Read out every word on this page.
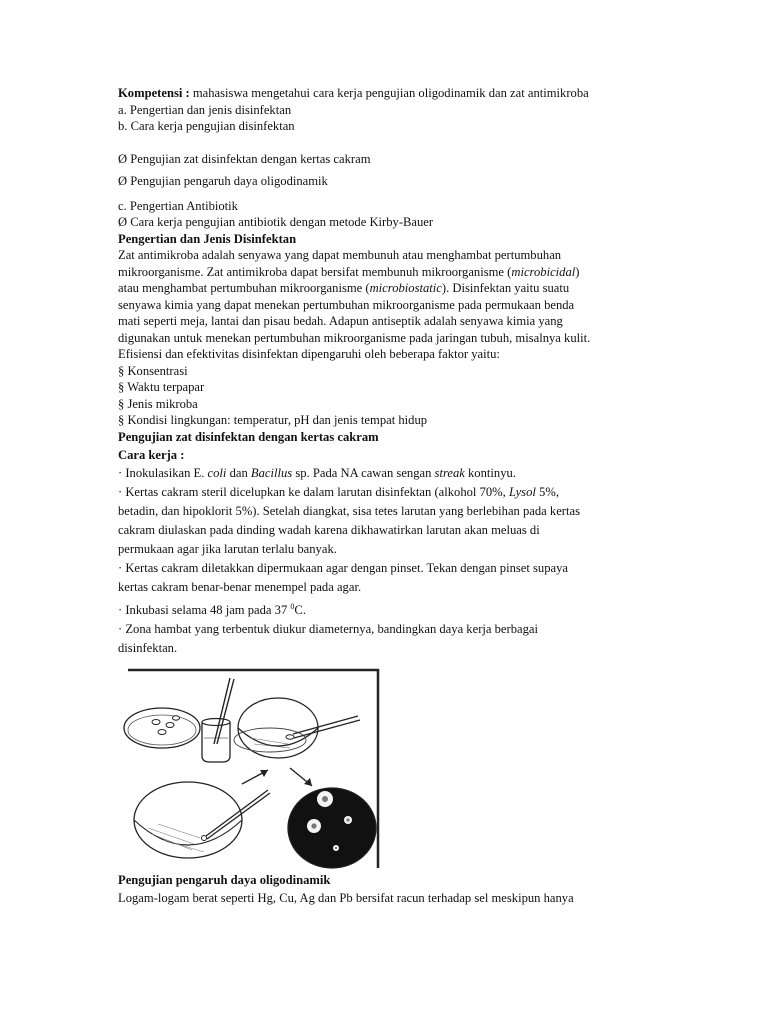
Kompetensi : mahasiswa mengetahui cara kerja pengujian oligodinamik dan zat antimikroba
a. Pengertian dan jenis disinfektan
b. Cara kerja pengujian disinfektan
Ø Pengujian zat disinfektan dengan kertas cakram
Ø Pengujian pengaruh daya oligodinamik
c. Pengertian Antibiotik
Ø Cara kerja pengujian antibiotik dengan metode Kirby-Bauer
Pengertian dan Jenis Disinfektan
Zat antimikroba adalah senyawa yang dapat membunuh atau menghambat pertumbuhan
mikroorganisme. Zat antimikroba dapat bersifat membunuh mikroorganisme (microbicidal)
atau menghambat pertumbuhan mikroorganisme (microbiostatic). Disinfektan yaitu suatu
senyawa kimia yang dapat menekan pertumbuhan mikroorganisme pada permukaan benda
mati seperti meja, lantai dan pisau bedah. Adapun antiseptik adalah senyawa kimia yang
digunakan untuk menekan pertumbuhan mikroorganisme pada jaringan tubuh, misalnya kulit.
Efisiensi dan efektivitas disinfektan dipengaruhi oleh beberapa faktor yaitu:
§ Konsentrasi
§ Waktu terpapar
§ Jenis mikroba
§ Kondisi lingkungan: temperatur, pH dan jenis tempat hidup
Pengujian zat disinfektan dengan kertas cakram
Cara kerja :
· Inokulasikan E. coli dan Bacillus sp. Pada NA cawan sengan streak kontinyu.
· Kertas cakram steril dicelupkan ke dalam larutan disinfektan (alkohol 70%, Lysol 5%,
betadin, dan hipoklorit 5%). Setelah diangkat, sisa tetes larutan yang berlebihan pada kertas
cakram diulaskan pada dinding wadah karena dikhawatirkan larutan akan meluas di
permukaan agar jika larutan terlalu banyak.
· Kertas cakram diletakkan dipermukaan agar dengan pinset. Tekan dengan pinset supaya
kertas cakram benar-benar menempel pada agar.
· Inkubasi selama 48 jam pada 37 $^0$C.
· Zona hambat yang terbentuk diukur diameternya, bandingkan daya kerja berbagai
disinfektan.
Pengujian pengaruh daya oligodinamik
Logam-logam berat seperti Hg, Cu, Ag dan Pb bersifat racun terhadap sel meskipun hanya
